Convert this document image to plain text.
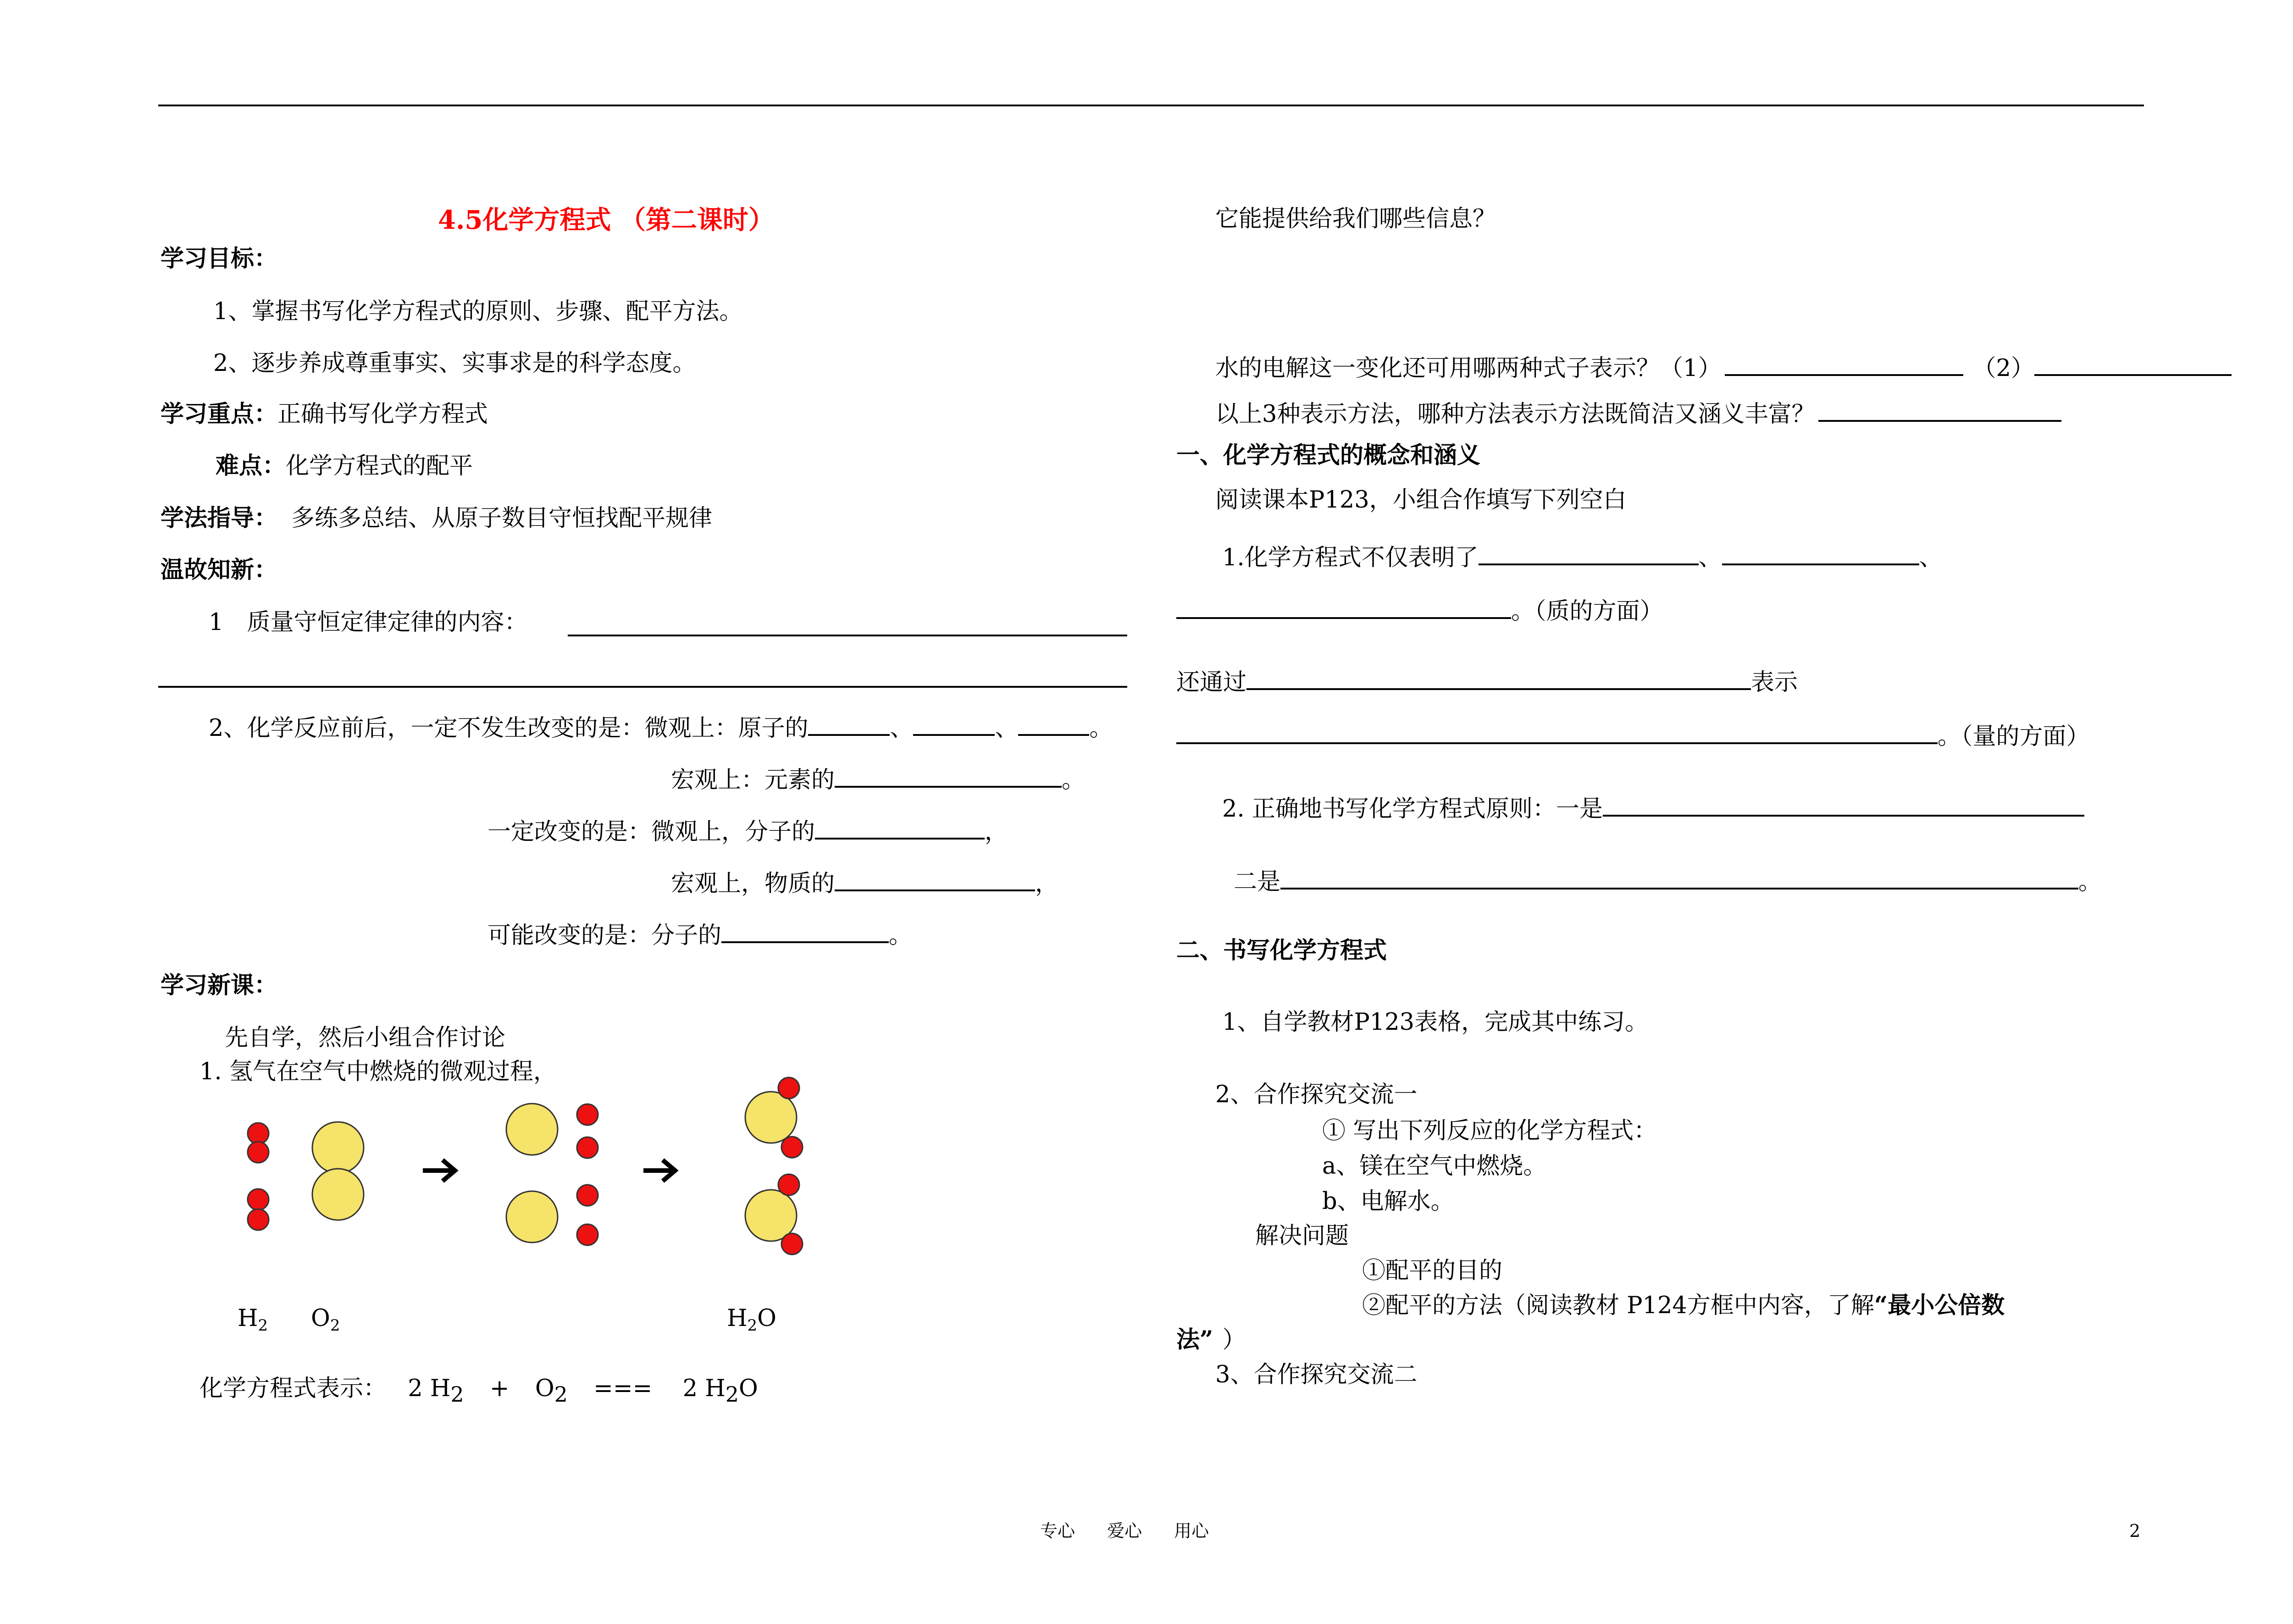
4.5化学方程式 （第二课时）
学习目标：
1、掌握书写化学方程式的原则、步骤、配平方法。
2、逐步养成尊重事实、实事求是的科学态度。
学习重点：正确书写化学方程式
难点：化学方程式的配平
学法指导： 多练多总结、从原子数目守恒找配平规律
温故知新：
1　质量守恒定律定律的内容：
2、化学反应前后，一定不发生改变的是：微观上：原子的	、	、	。
宏观上：元素的	。
一定改变的是：微观上，分子的	，
宏观上，物质的	，
可能改变的是：分子的	。
学习新课：
先自学，然后小组合作讨论
1. 氢气在空气中燃烧的微观过程，
$H_2$ $O_2$	$H_2O$
化学方程式表示： 2 H2 + O2 === 2 H2O
它能提供给我们哪些信息？
水的电解这一变化还可用哪两种式子表示？（1）	（2）
以上3种表示方法，哪种方法表示方法既简洁又涵义丰富？
一、化学方程式的概念和涵义
阅读课本P123，小组合作填写下列空白
1.化学方程式不仅表明了	、	、
。（质的方面）
还通过	表示
。（量的方面）
2. 正确地书写化学方程式原则：一是
二是	。
二、书写化学方程式
1、自学教材P123表格，完成其中练习。
2、合作探究交流一
① 写出下列反应的化学方程式：
a、镁在空气中燃烧。
b、电解水。
解决问题
①配平的目的
②配平的方法（阅读教材 P124方框中内容，了解“最小公倍数
法” ）
3、合作探究交流二
专心 爱心 用心	2
